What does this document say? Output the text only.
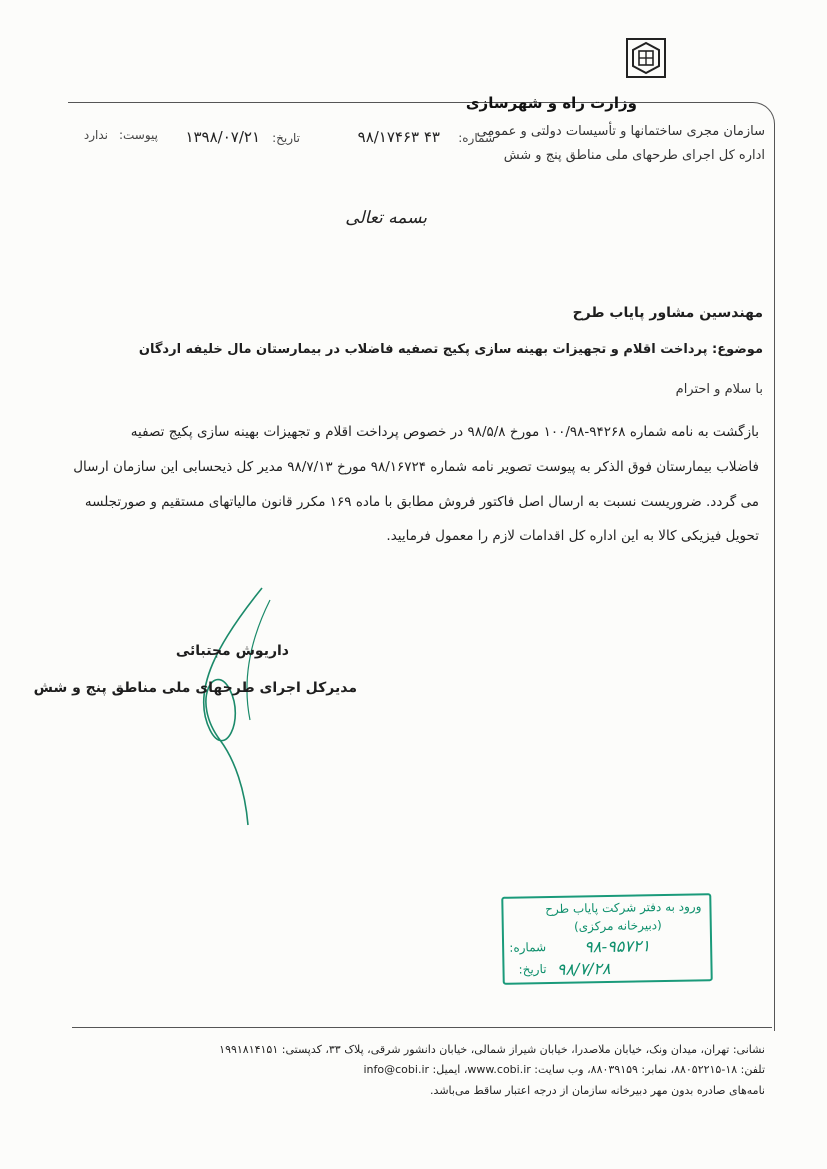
وزارت راه و شهرسازی
سازمان مجری ساختمانها و تأسیسات دولتی و عمومی
اداره کل اجرای طرحهای ملی مناطق پنج و شش
شماره:
۴۳ ۹۸/۱۷۴۶۳
تاریخ:
۱۳۹۸/۰۷/۲۱
پیوست:
ندارد
بسمه تعالی
مهندسین مشاور پایاب طرح
موضوع: پرداخت اقلام و تجهیزات بهینه سازی پکیج تصفیه فاضلاب در بیمارستان مال خلیفه اردگان
با سلام و احترام
بازگشت به نامه شماره ۹۴۲۶۸-۱۰۰/۹۸ مورخ ۹۸/۵/۸ در خصوص پرداخت اقلام و تجهیزات بهینه سازی پکیج تصفیه
فاضلاب بیمارستان فوق الذکر به پیوست تصویر نامه شماره ۹۸/۱۶۷۲۴ مورخ ۹۸/۷/۱۳ مدیر کل ذیحسابی این سازمان ارسال
می گردد. ضروریست نسبت به ارسال اصل فاکتور فروش مطابق با ماده ۱۶۹ مکرر قانون مالیاتهای مستقیم و صورتجلسه
تحویل فیزیکی کالا به این اداره کل اقدامات لازم را معمول فرمایید.
داریوش مجتبائی
مدیرکل اجرای طرحهای ملی مناطق پنج و شش
ورود به دفتر شرکت پایاب طرح
(دبیرخانه مرکزی)
شماره: ۹۸-۹۵۷۲۱
تاریخ: ۹۸/۷/۲۸
نشانی: تهران، میدان ونک، خیابان ملاصدرا، خیابان شیراز شمالی، خیابان دانشور شرقی، پلاک ۳۳، کدپستی: ۱۹۹۱۸۱۴۱۵۱
تلفن: ۱۸-۸۸۰۵۲۲۱۵، نمابر: ۸۸۰۳۹۱۵۹، وب سایت: www.cobi.ir، ایمیل: info@cobi.ir
نامه‌های صادره بدون مهر دبیرخانه سازمان از درجه اعتبار ساقط می‌باشد.
